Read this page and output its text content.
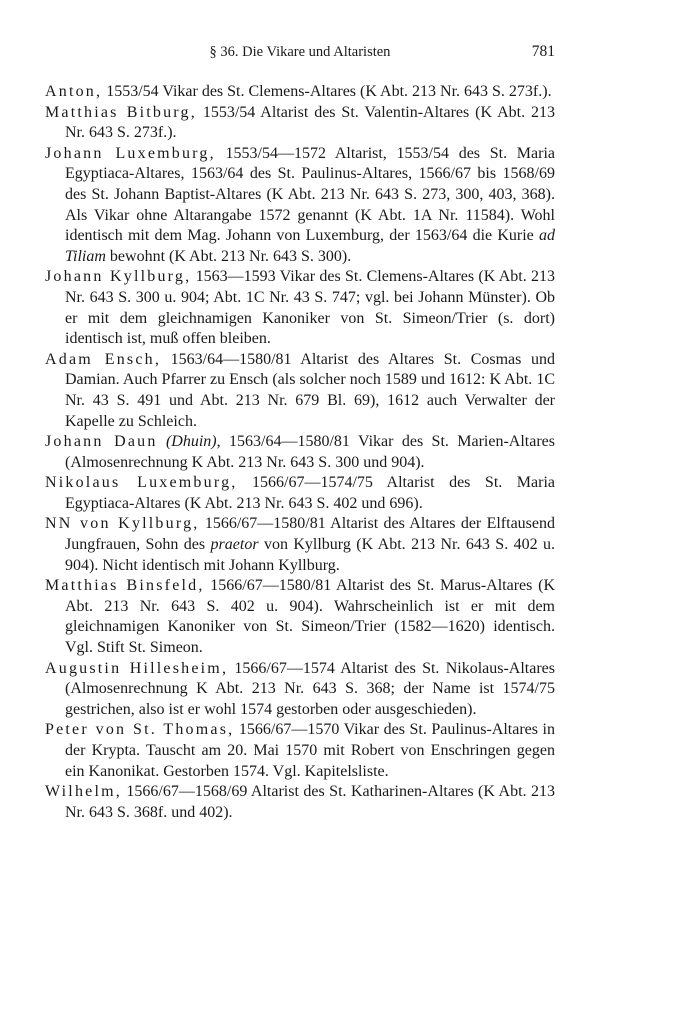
§ 36. Die Vikare und Altaristen	781

Anton, 1553/54 Vikar des St. Clemens-Altares (K Abt. 213 Nr. 643 S. 273f.).

Matthias Bitburg, 1553/54 Altarist des St. Valentin-Altares (K Abt. 213 Nr. 643 S. 273f.).

Johann Luxemburg, 1553/54—1572 Altarist, 1553/54 des St. Maria Egyptiaca-Altares, 1563/64 des St. Paulinus-Altares, 1566/67 bis 1568/69 des St. Johann Baptist-Altares (K Abt. 213 Nr. 643 S. 273, 300, 403, 368). Als Vikar ohne Altarangabe 1572 genannt (K Abt. 1A Nr. 11584). Wohl identisch mit dem Mag. Johann von Luxemburg, der 1563/64 die Kurie ad Tiliam bewohnt (K Abt. 213 Nr. 643 S. 300).

Johann Kyllburg, 1563—1593 Vikar des St. Clemens-Altares (K Abt. 213 Nr. 643 S. 300 u. 904; Abt. 1C Nr. 43 S. 747; vgl. bei Johann Münster). Ob er mit dem gleichnamigen Kanoniker von St. Simeon/Trier (s. dort) identisch ist, muß offen bleiben.

Adam Ensch, 1563/64—1580/81 Altarist des Altares St. Cosmas und Damian. Auch Pfarrer zu Ensch (als solcher noch 1589 und 1612: K Abt. 1C Nr. 43 S. 491 und Abt. 213 Nr. 679 Bl. 69), 1612 auch Verwalter der Kapelle zu Schleich.

Johann Daun (Dhuin), 1563/64—1580/81 Vikar des St. Marien-Altares (Almosenrechnung K Abt. 213 Nr. 643 S. 300 und 904).

Nikolaus Luxemburg, 1566/67—1574/75 Altarist des St. Maria Egyptiaca-Altares (K Abt. 213 Nr. 643 S. 402 und 696).

NN von Kyllburg, 1566/67—1580/81 Altarist des Altares der Elftausend Jungfrauen, Sohn des praetor von Kyllburg (K Abt. 213 Nr. 643 S. 402 u. 904). Nicht identisch mit Johann Kyllburg.

Matthias Binsfeld, 1566/67—1580/81 Altarist des St. Marus-Altares (K Abt. 213 Nr. 643 S. 402 u. 904). Wahrscheinlich ist er mit dem gleichnamigen Kanoniker von St. Simeon/Trier (1582—1620) identisch. Vgl. Stift St. Simeon.

Augustin Hillesheim, 1566/67—1574 Altarist des St. Nikolaus-Altares (Almosenrechnung K Abt. 213 Nr. 643 S. 368; der Name ist 1574/75 gestrichen, also ist er wohl 1574 gestorben oder ausgeschieden).

Peter von St. Thomas, 1566/67—1570 Vikar des St. Paulinus-Altares in der Krypta. Tauscht am 20. Mai 1570 mit Robert von Enschringen gegen ein Kanonikat. Gestorben 1574. Vgl. Kapitelsliste.

Wilhelm, 1566/67—1568/69 Altarist des St. Katharinen-Altares (K Abt. 213 Nr. 643 S. 368f. und 402).
